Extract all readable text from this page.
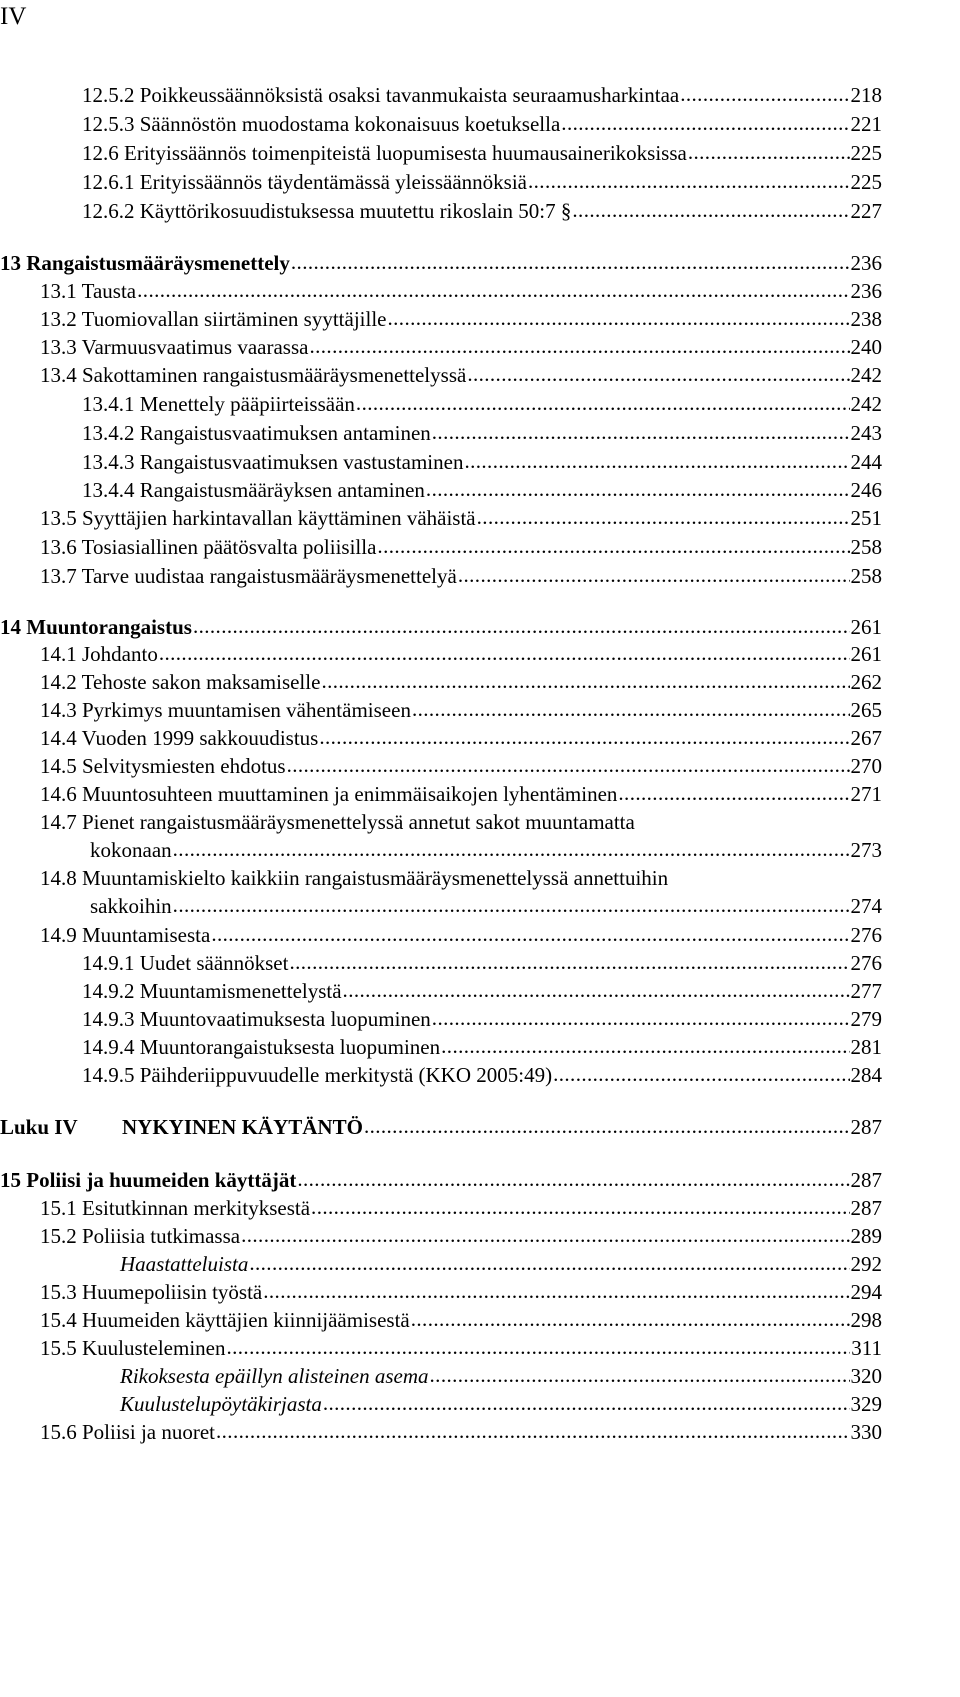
IV
12.5.2 Poikkeussäännöksistä osaksi tavanmukaista seuraamusharkintaa .....	218
12.5.3 Säännöstön muodostama kokonaisuus koetuksella .....	221
12.6 Erityissäännös toimenpiteistä luopumisesta huumausainerikoksissa .....	225
12.6.1 Erityissäännös täydentämässä yleissäännöksiä .....	225
12.6.2 Käyttörikosuudistuksessa muutettu rikoslain 50:7 § .....	227
13 Rangaistusmääräysmenettely .....	236
13.1 Tausta .....	236
13.2 Tuomiovallan siirtäminen syyttäjille .....	238
13.3 Varmuusvaatimus vaarassa .....	240
13.4 Sakottaminen rangaistusmääräysmenettelyssä .....	242
13.4.1 Menettely pääpiirteissään .....	242
13.4.2 Rangaistusvaatimuksen antaminen .....	243
13.4.3 Rangaistusvaatimuksen vastustaminen .....	244
13.4.4 Rangaistusmääräyksen antaminen .....	246
13.5 Syyttäjien harkintavallan käyttäminen vähäistä .....	251
13.6 Tosiasiallinen päätösvalta poliisilla .....	258
13.7 Tarve uudistaa rangaistusmääräysmenettelyä .....	258
14 Muuntorangaistus .....	261
14.1 Johdanto .....	261
14.2 Tehoste sakon maksamiselle .....	262
14.3 Pyrkimys muuntamisen vähentämiseen .....	265
14.4 Vuoden 1999 sakkouudistus .....	267
14.5 Selvitysmiesten ehdotus .....	270
14.6 Muuntosuhteen muuttaminen ja enimmäisaikojen lyhentäminen .....	271
14.7 Pienet rangaistusmääräysmenettelyssä annetut sakot muuntamatta
kokonaan .....	273
14.8 Muuntamiskielto kaikkiin rangaistusmääräysmenettelyssä annettuihin
sakkoihin .....	274
14.9 Muuntamisesta .....	276
14.9.1 Uudet säännökset .....	276
14.9.2 Muuntamismenettelystä .....	277
14.9.3 Muuntovaatimuksesta luopuminen .....	279
14.9.4 Muuntorangaistuksesta luopuminen .....	281
14.9.5 Päihderiippuvuudelle merkitystä (KKO 2005:49) .....	284
Luku IV	NYKYINEN KÄYTÄNTÖ .....	287
15 Poliisi ja huumeiden käyttäjät .....	287
15.1 Esitutkinnan merkityksestä .....	287
15.2 Poliisia tutkimassa .....	289
Haastatteluista .....	292
15.3 Huumepoliisin työstä .....	294
15.4 Huumeiden käyttäjien kiinnijäämisestä .....	298
15.5 Kuulusteleminen .....	311
Rikoksesta epäillyn alisteinen asema .....	320
Kuulustelupöytäkirjasta .....	329
15.6 Poliisi ja nuoret .....	330
